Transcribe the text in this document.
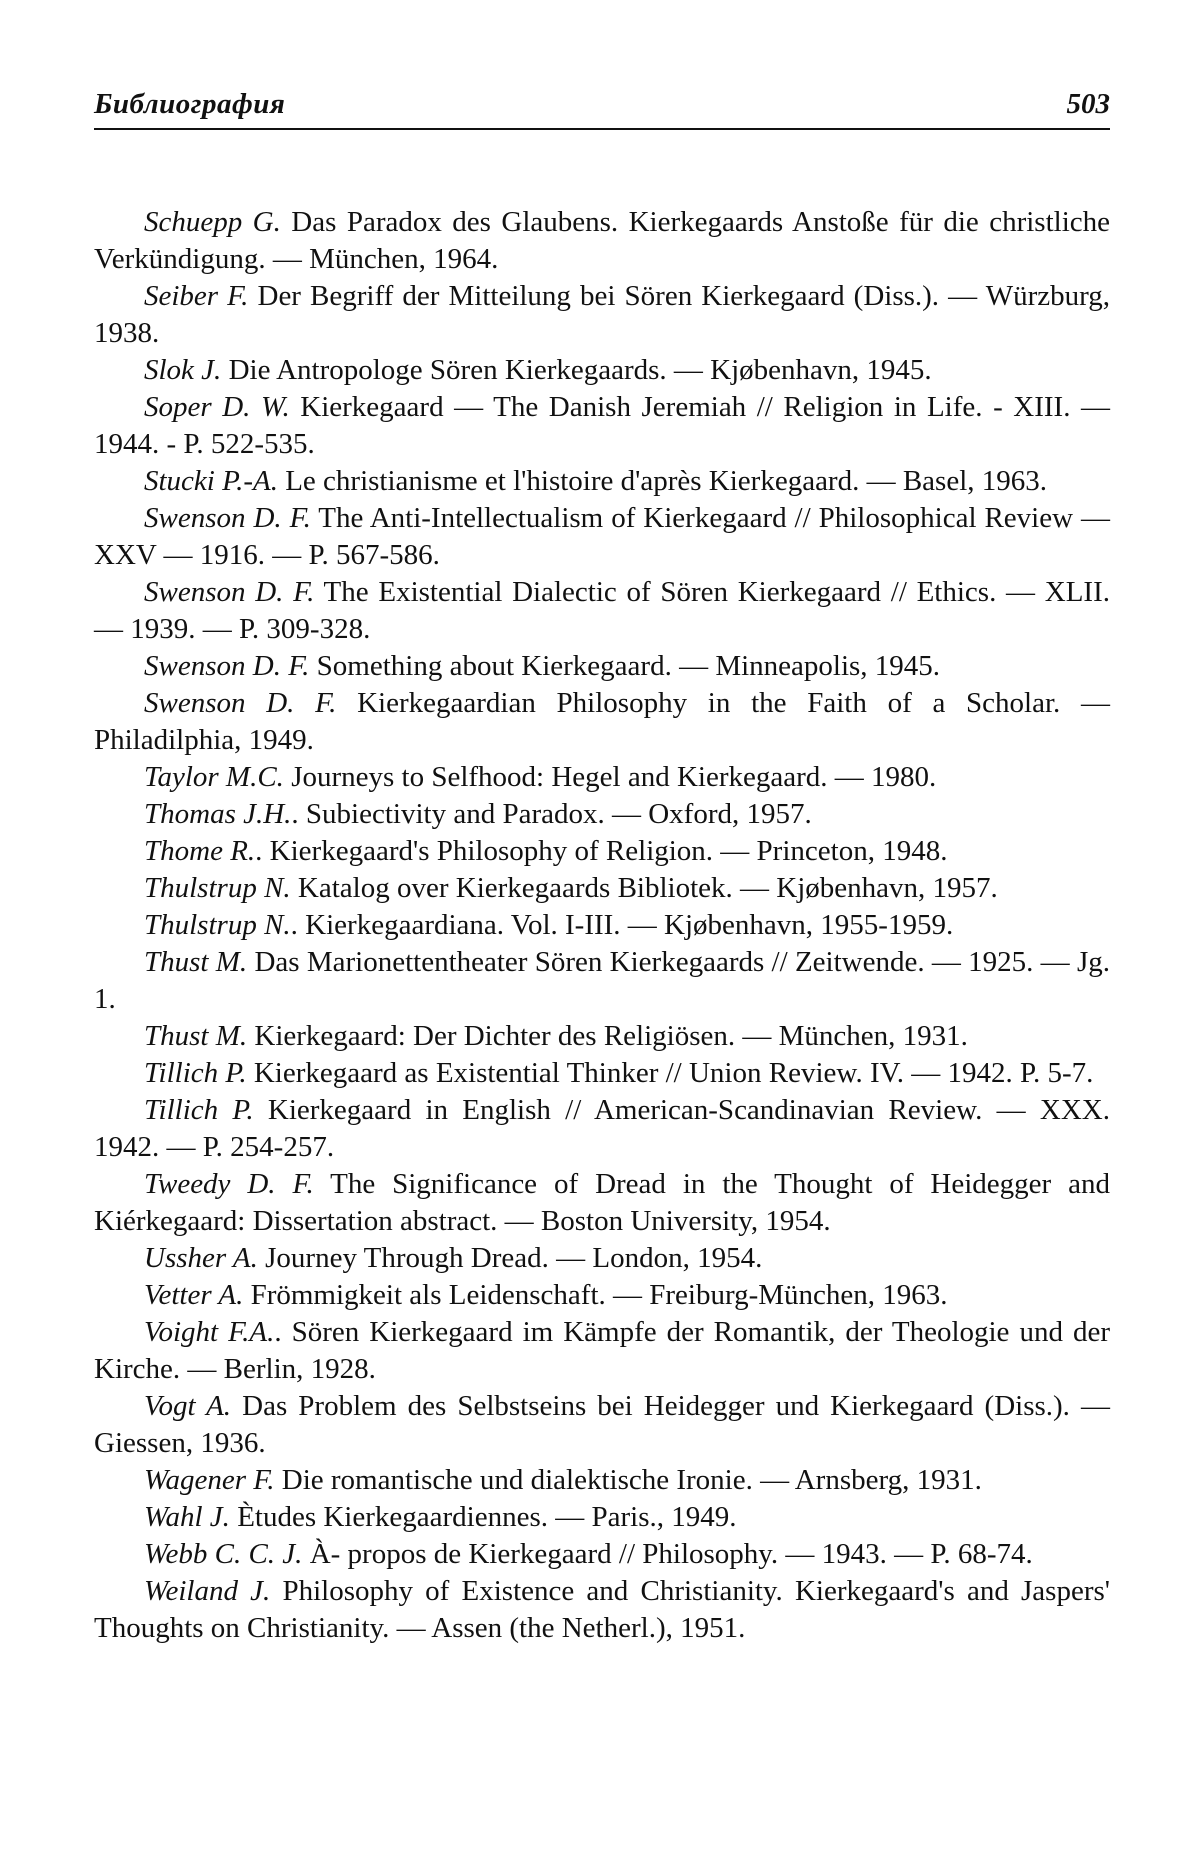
Библиография	503

Schuepp G. Das Paradox des Glaubens. Kierkegaards Anstoße für die christliche Verkündigung. — München, 1964.

Seiber F. Der Begriff der Mitteilung bei Sören Kierkegaard (Diss.). — Würzburg, 1938.

Slok J. Die Antropologe Sören Kierkegaards. — Kjøbenhavn, 1945.

Soper D. W. Kierkegaard — The Danish Jeremiah // Religion in Life. - XIII. — 1944. - P. 522-535.

Stucki P.-A. Le christianisme et l'histoire d'après Kierkegaard. — Basel, 1963.

Swenson D. F. The Anti-Intellectualism of Kierkegaard // Philosophical Review — XXV — 1916. — P. 567-586.

Swenson D. F. The Existential Dialectic of Sören Kierkegaard // Ethics. — XLII. — 1939. — P. 309-328.

Swenson D. F. Something about Kierkegaard. — Minneapolis, 1945.

Swenson D. F. Kierkegaardian Philosophy in the Faith of a Scholar. — Philadilphia, 1949.

Taylor M.C. Journeys to Selfhood: Hegel and Kierkegaard. — 1980.

Thomas J.H.. Subiectivity and Paradox. — Oxford, 1957.

Thome R.. Kierkegaard's Philosophy of Religion. — Princeton, 1948.

Thulstrup N. Katalog over Kierkegaards Bibliotek. — Kjøbenhavn, 1957.

Thulstrup N.. Kierkegaardiana. Vol. I-III. — Kjøbenhavn, 1955-1959.

Thust M. Das Marionettentheater Sören Kierkegaards // Zeitwende. — 1925. — Jg. 1.

Thust M. Kierkegaard: Der Dichter des Religiösen. — München, 1931.

Tillich P. Kierkegaard as Existential Thinker // Union Review. IV. — 1942. P. 5-7.

Tillich P. Kierkegaard in English // American-Scandinavian Review. — XXX. 1942. — P. 254-257.

Tweedy D. F. The Significance of Dread in the Thought of Heidegger and Kiérkegaard: Dissertation abstract. — Boston University, 1954.

Ussher A. Journey Through Dread. — London, 1954.

Vetter A. Frömmigkeit als Leidenschaft. — Freiburg-München, 1963.

Voight F.A.. Sören Kierkegaard im Kämpfe der Romantik, der Theologie und der Kirche. — Berlin, 1928.

Vogt A. Das Problem des Selbstseins bei Heidegger und Kierkegaard (Diss.). — Giessen, 1936.

Wagener F. Die romantische und dialektische Ironie. — Arnsberg, 1931.

Wahl J. Ètudes Kierkegaardiennes. — Paris., 1949.

Webb C. C. J. À- propos de Kierkegaard // Philosophy. — 1943. — P. 68-74.

Weiland J. Philosophy of Existence and Christianity. Kierkegaard's and Jaspers' Thoughts on Christianity. — Assen (the Netherl.), 1951.
